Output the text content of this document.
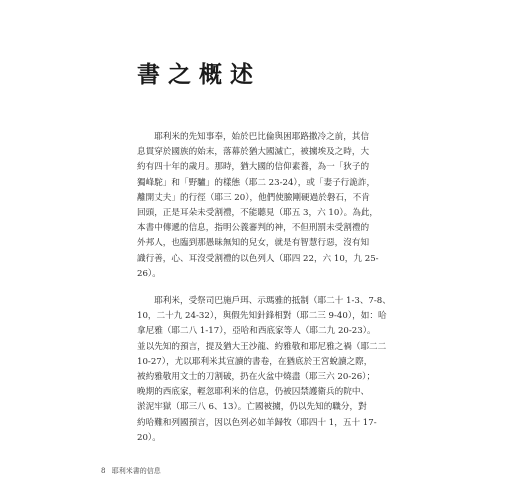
書之概述
　　耶利米的先知事奉，始於巴比倫與困耶路撒冷之前，其信
息貫穿於國族的始末，落幕於猶大國滅亡，被擄埃及之時，大
約有四十年的歲月。那時，猶大國的信仰素養，為一「狄子的
獨峰駝」和「野驢」的樣態（耶二 23-24），或「妻子行詭詐，
離開丈夫」的行徑（耶三 20），他們使臉剛硬過於磐石，不肯
回頭，正是耳朵未受割禮，不能聽見（耶五 3，六 10）。為此，
本書中傳遞的信息，指明公義審判的神，不但刑罰未受割禮的
外邦人，也臨到那愚昧無知的兒女，就是有智慧行惡，沒有知
識行善，心、耳沒受割禮的以色列人（耶四 22，六 10，九 25-
26）。
　　耶利米，受祭司巴施戶珥、示瑪雅的抵制（耶二十 1-3、7-8、
10，二十九 24-32），與假先知針鋒相對（耶二三 9-40），如：哈
拿尼雅（耶二八 1-17），亞哈和西底家等人（耶二九 20-23）。
並以先知的預言，提及猶大王沙龍、約雅敬和耶尼雅之禍（耶二二
10-27），尤以耶利米其宣讀的書卷，在猶底於王宮蛻讀之際，
被約雅敬用文士的刀割破，扔在火盆中燒盡（耶三六 20-26）；
晚期的西底家，輕忽耶利米的信息，仍被囚禁護衛兵的院中、
淤泥牢獄（耶三八 6、13）。亡國被擄，仍以先知的職分，對
約哈難和列國預言，因以色列必如羊歸牧（耶四十 1，五十 17-
20）。
8 耶利米書的信息
